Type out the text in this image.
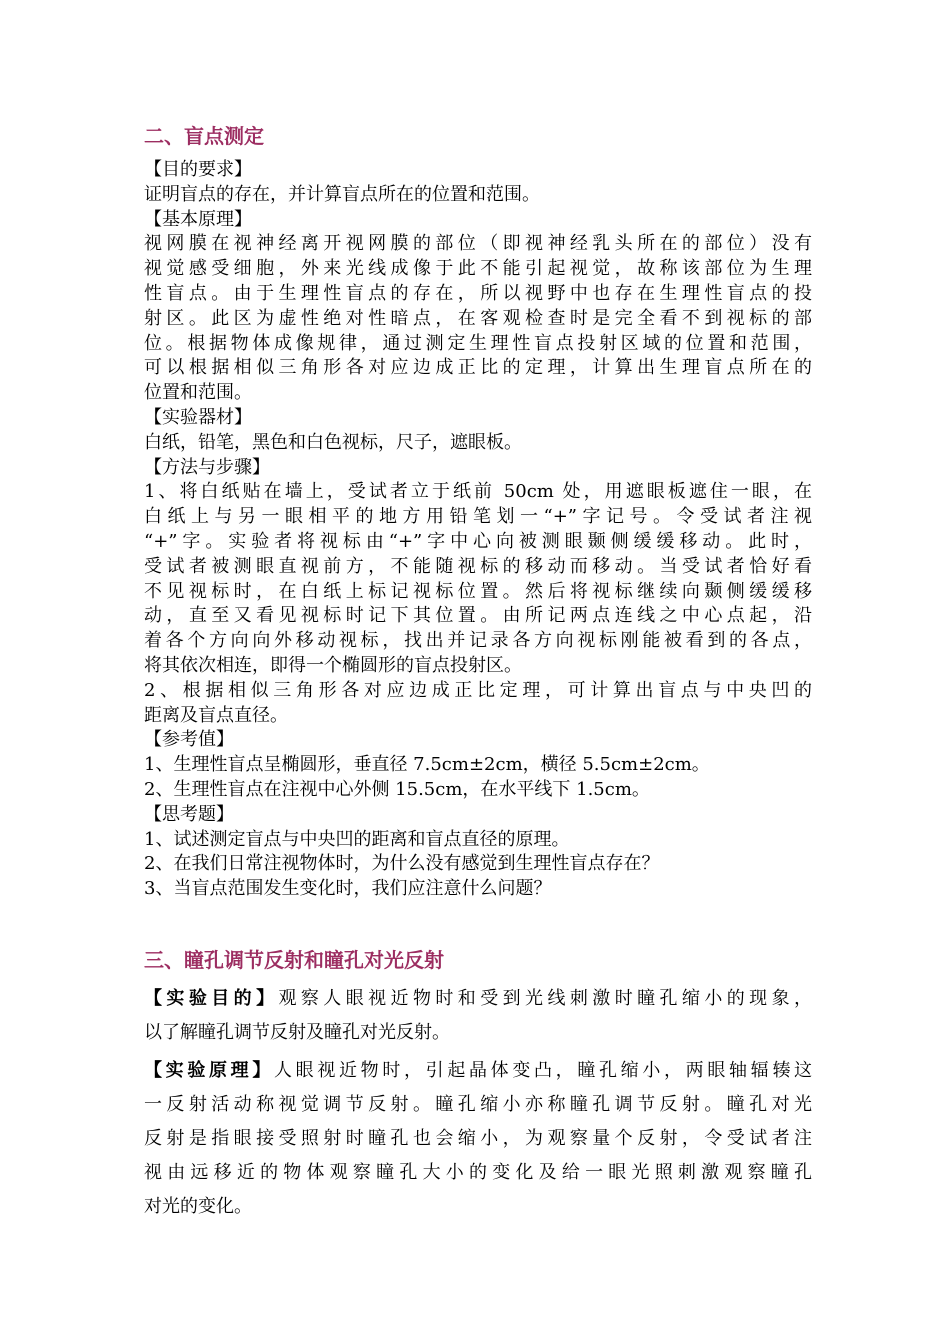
二、盲点测定
【目的要求】
证明盲点的存在，并计算盲点所在的位置和范围。
【基本原理】
视网膜在视神经离开视网膜的部位（即视神经乳头所在的部位）没有
视觉感受细胞，外来光线成像于此不能引起视觉，故称该部位为生理
性盲点。由于生理性盲点的存在，所以视野中也存在生理性盲点的投
射区。此区为虚性绝对性暗点，在客观检查时是完全看不到视标的部
位。根据物体成像规律，通过测定生理性盲点投射区域的位置和范围，
可以根据相似三角形各对应边成正比的定理，计算出生理盲点所在的
位置和范围。
【实验器材】
白纸，铅笔，黑色和白色视标，尺子，遮眼板。
【方法与步骤】
1、将白纸贴在墙上，受试者立于纸前 50cm 处，用遮眼板遮住一眼，在
白纸上与另一眼相平的地方用铅笔划一“+”字记号。令受试者注视
“+”字。实验者将视标由“+”字中心向被测眼颞侧缓缓移动。此时，
受试者被测眼直视前方，不能随视标的移动而移动。当受试者恰好看
不见视标时，在白纸上标记视标位置。然后将视标继续向颞侧缓缓移
动，直至又看见视标时记下其位置。由所记两点连线之中心点起，沿
着各个方向向外移动视标，找出并记录各方向视标刚能被看到的各点，
将其依次相连，即得一个椭圆形的盲点投射区。
2、根据相似三角形各对应边成正比定理，可计算出盲点与中央凹的
距离及盲点直径。
【参考值】
1、生理性盲点呈椭圆形，垂直径 7.5cm±2cm，横径 5.5cm±2cm。
2、生理性盲点在注视中心外侧 15.5cm，在水平线下 1.5cm。
【思考题】
1、试述测定盲点与中央凹的距离和盲点直径的原理。
2、在我们日常注视物体时，为什么没有感觉到生理性盲点存在？
3、当盲点范围发生变化时，我们应注意什么问题？
三、瞳孔调节反射和瞳孔对光反射
【实验目的】观察人眼视近物时和受到光线刺激时瞳孔缩小的现象，
以了解瞳孔调节反射及瞳孔对光反射。
【实验原理】人眼视近物时，引起晶体变凸，瞳孔缩小，两眼轴辐辏这
一反射活动称视觉调节反射。瞳孔缩小亦称瞳孔调节反射。瞳孔对光
反射是指眼接受照射时瞳孔也会缩小，为观察量个反射，令受试者注
视由远移近的物体观察瞳孔大小的变化及给一眼光照刺激观察瞳孔
对光的变化。
